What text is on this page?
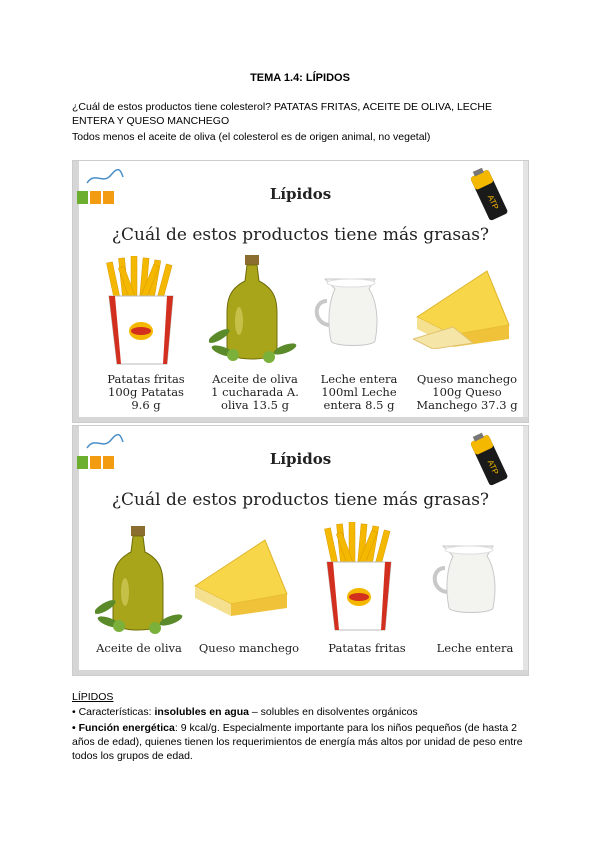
TEMA 1.4: LÍPIDOS
¿Cuál de estos productos tiene colesterol? PATATAS FRITAS, ACEITE DE OLIVA, LECHE ENTERA Y QUESO MANCHEGO
Todos menos el aceite de oliva (el colesterol es de origen animal, no vegetal)
Lípidos	ATP
¿Cuál de estos productos tiene más grasas?
Patatas fritas
100g Patatas
9.6 g
Aceite de oliva
1 cucharada A.
oliva 13.5 g
Leche entera
100ml Leche
entera 8.5 g
Queso manchego
100g Queso
Manchego 37.3 g
Lípidos	ATP
¿Cuál de estos productos tiene más grasas?
Aceite de oliva	Queso manchego	Patatas fritas	Leche entera
LÍPIDOS
• Características: insolubles en agua – solubles en disolventes orgánicos
• Función energética: 9 kcal/g. Especialmente importante para los niños pequeños (de hasta 2 años de edad), quienes tienen los requerimientos de energía más altos por unidad de peso entre todos los grupos de edad.
